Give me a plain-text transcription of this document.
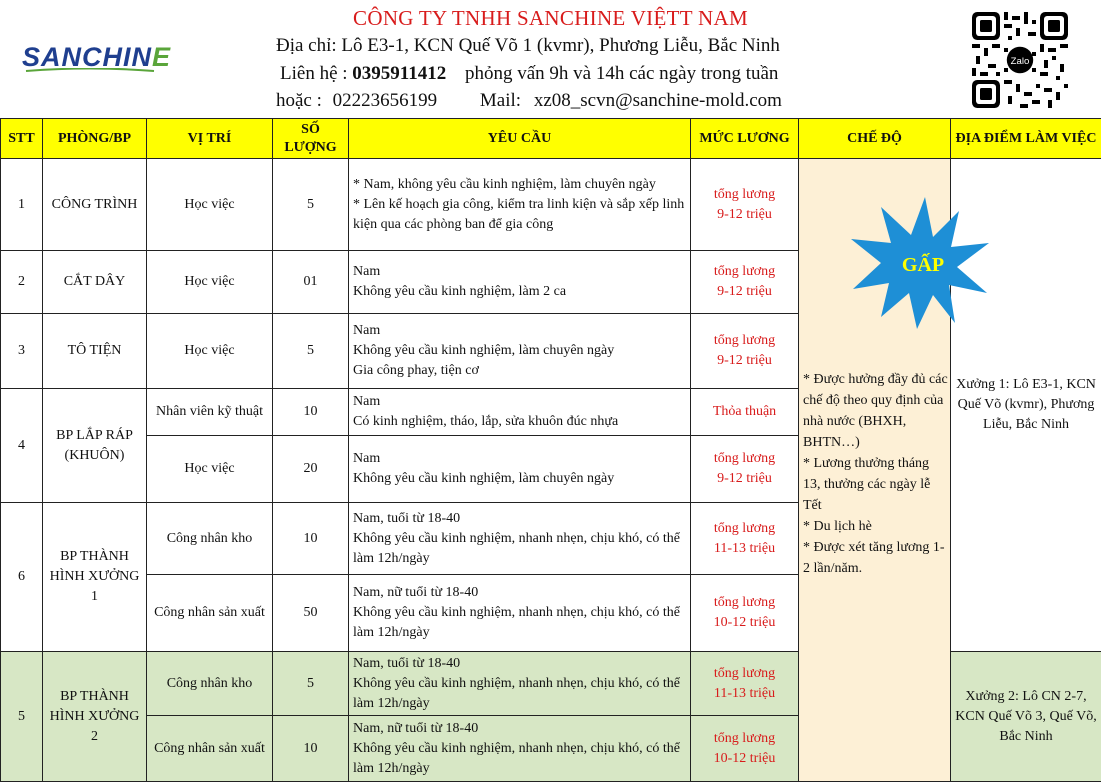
SANCHINE
CÔNG TY TNHH SANCHINE VIỆTT NAM
Địa chỉ: Lô E3-1, KCN Quế Võ 1 (kvmr), Phương Liễu, Bắc Ninh
Liên hệ : 0395911412 phỏng vấn 9h và 14h các ngày trong tuần
hoặc : 02223656199 Mail: xz08_scvn@sanchine-mold.com
Zalo
STT	PHÒNG/BP	VỊ TRÍ	SỐ LƯỢNG	YÊU CẦU	MỨC LƯƠNG	CHẾ ĐỘ	ĐỊA ĐIỂM LÀM VIỆC
1	CÔNG TRÌNH	Học việc	5	* Nam, không yêu cầu kinh nghiệm, làm chuyên ngày
* Lên kế hoạch gia công, kiểm tra linh kiện và sắp xếp linh kiện qua các phòng ban để gia công	tổng lương
9-12 triệu	GẤP
* Được hưởng đầy đủ các chế độ theo quy định của nhà nước (BHXH, BHTN…)
* Lương thưởng tháng 13, thưởng các ngày lễ Tết
* Du lịch hè
* Được xét tăng lương 1-2 lần/năm.	Xưởng 1: Lô E3-1, KCN Quế Võ (kvmr), Phương Liễu, Bắc Ninh
2	CẮT DÂY	Học việc	01	Nam
Không yêu cầu kinh nghiệm, làm 2 ca	tổng lương
9-12 triệu		
3	TÔ TIỆN	Học việc	5	Nam
Không yêu cầu kinh nghiệm, làm chuyên ngày
Gia công phay, tiện cơ	tổng lương
9-12 triệu		
4	BP LẮP RÁP
(KHUÔN)	Nhân viên kỹ thuật	10	Nam
Có kinh nghiệm, tháo, lắp, sửa khuôn đúc nhựa	Thỏa thuận		
		Học việc	20	Nam
Không yêu cầu kinh nghiệm, làm chuyên ngày	tổng lương
9-12 triệu		
6	BP THÀNH
HÌNH XƯỞNG
1	Công nhân kho	10	Nam, tuổi từ 18-40
Không yêu cầu kinh nghiệm, nhanh nhẹn, chịu khó, có thể làm 12h/ngày	tổng lương
11-13 triệu		
		Công nhân sản xuất	50	Nam, nữ tuổi từ 18-40
Không yêu cầu kinh nghiệm, nhanh nhẹn, chịu khó, có thể làm 12h/ngày	tổng lương
10-12 triệu		
5	BP THÀNH
HÌNH XƯỞNG
2	Công nhân kho	5	Nam, tuổi từ 18-40
Không yêu cầu kinh nghiệm, nhanh nhẹn, chịu khó, có thể làm 12h/ngày	tổng lương
11-13 triệu		Xưởng 2: Lô CN 2-7, KCN Quế Võ 3, Quế Võ, Bắc Ninh
		Công nhân sản xuất	10	Nam, nữ tuổi từ 18-40
Không yêu cầu kinh nghiệm, nhanh nhẹn, chịu khó, có thể làm 12h/ngày	tổng lương
10-12 triệu		
